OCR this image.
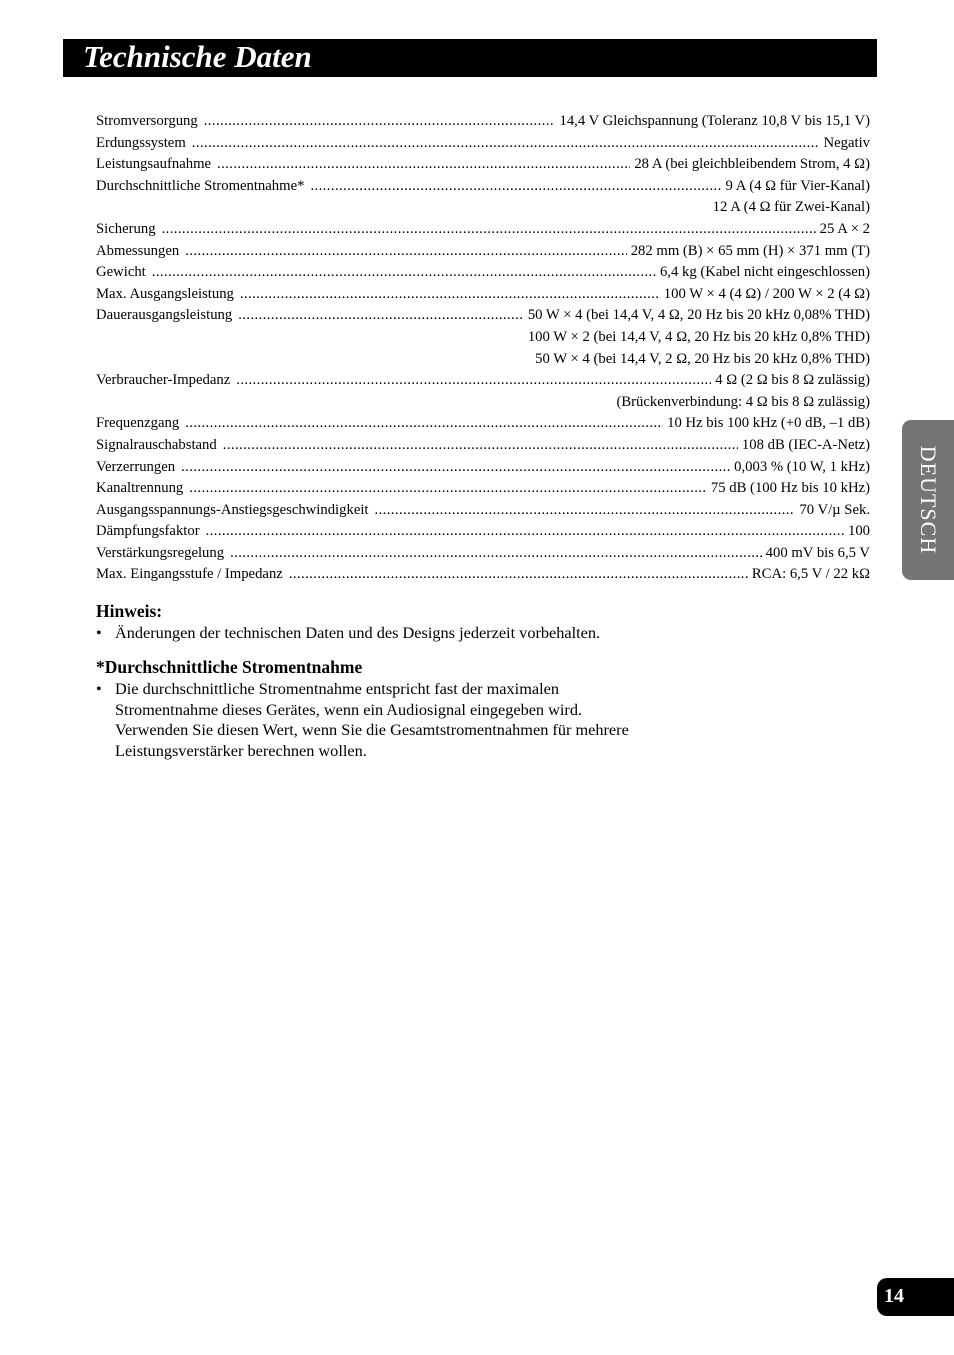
Technische Daten
Stromversorgung .....	14,4 V Gleichspannung (Toleranz 10,8 V bis 15,1 V)
Erdungssystem .....	Negativ
Leistungsaufnahme .....	28 A (bei gleichbleibendem Strom, 4 Ω)
Durchschnittliche Stromentnahme* .....	9 A (4 Ω für Vier-Kanal)
12 A (4 Ω für Zwei-Kanal)
Sicherung .....	25 A × 2
Abmessungen .....	282 mm (B) × 65 mm (H) × 371 mm (T)
Gewicht .....	6,4 kg (Kabel nicht eingeschlossen)
Max. Ausgangsleistung .....	100 W × 4 (4 Ω) / 200 W × 2 (4 Ω)
Dauerausgangsleistung .....	50 W × 4 (bei 14,4 V, 4 Ω, 20 Hz bis 20 kHz 0,08% THD)
100 W × 2 (bei 14,4 V, 4 Ω, 20 Hz bis 20 kHz 0,8% THD)
50 W × 4 (bei 14,4 V, 2 Ω, 20 Hz bis 20 kHz 0,8% THD)
Verbraucher-Impedanz .....	4 Ω (2 Ω bis 8 Ω zulässig)
(Brückenverbindung: 4 Ω bis 8 Ω zulässig)
Frequenzgang .....	10 Hz bis 100 kHz (+0 dB, –1 dB)
Signalrauschabstand .....	108 dB (IEC-A-Netz)
Verzerrungen .....	0,003 % (10 W, 1 kHz)
Kanaltrennung .....	75 dB (100 Hz bis 10 kHz)
Ausgangsspannungs-Anstiegsgeschwindigkeit .....	70 V/µ Sek.
Dämpfungsfaktor .....	100
Verstärkungsregelung .....	400 mV bis 6,5 V
Max. Eingangsstufe / Impedanz .....	RCA: 6,5 V / 22 kΩ
Hinweis:
• Änderungen der technischen Daten und des Designs jederzeit vorbehalten.
*Durchschnittliche Stromentnahme
• Die durchschnittliche Stromentnahme entspricht fast der maximalen
Stromentnahme dieses Gerätes, wenn ein Audiosignal eingegeben wird.
Verwenden Sie diesen Wert, wenn Sie die Gesamtstromentnahmen für mehrere
Leistungsverstärker berechnen wollen.
DEUTSCH
14
